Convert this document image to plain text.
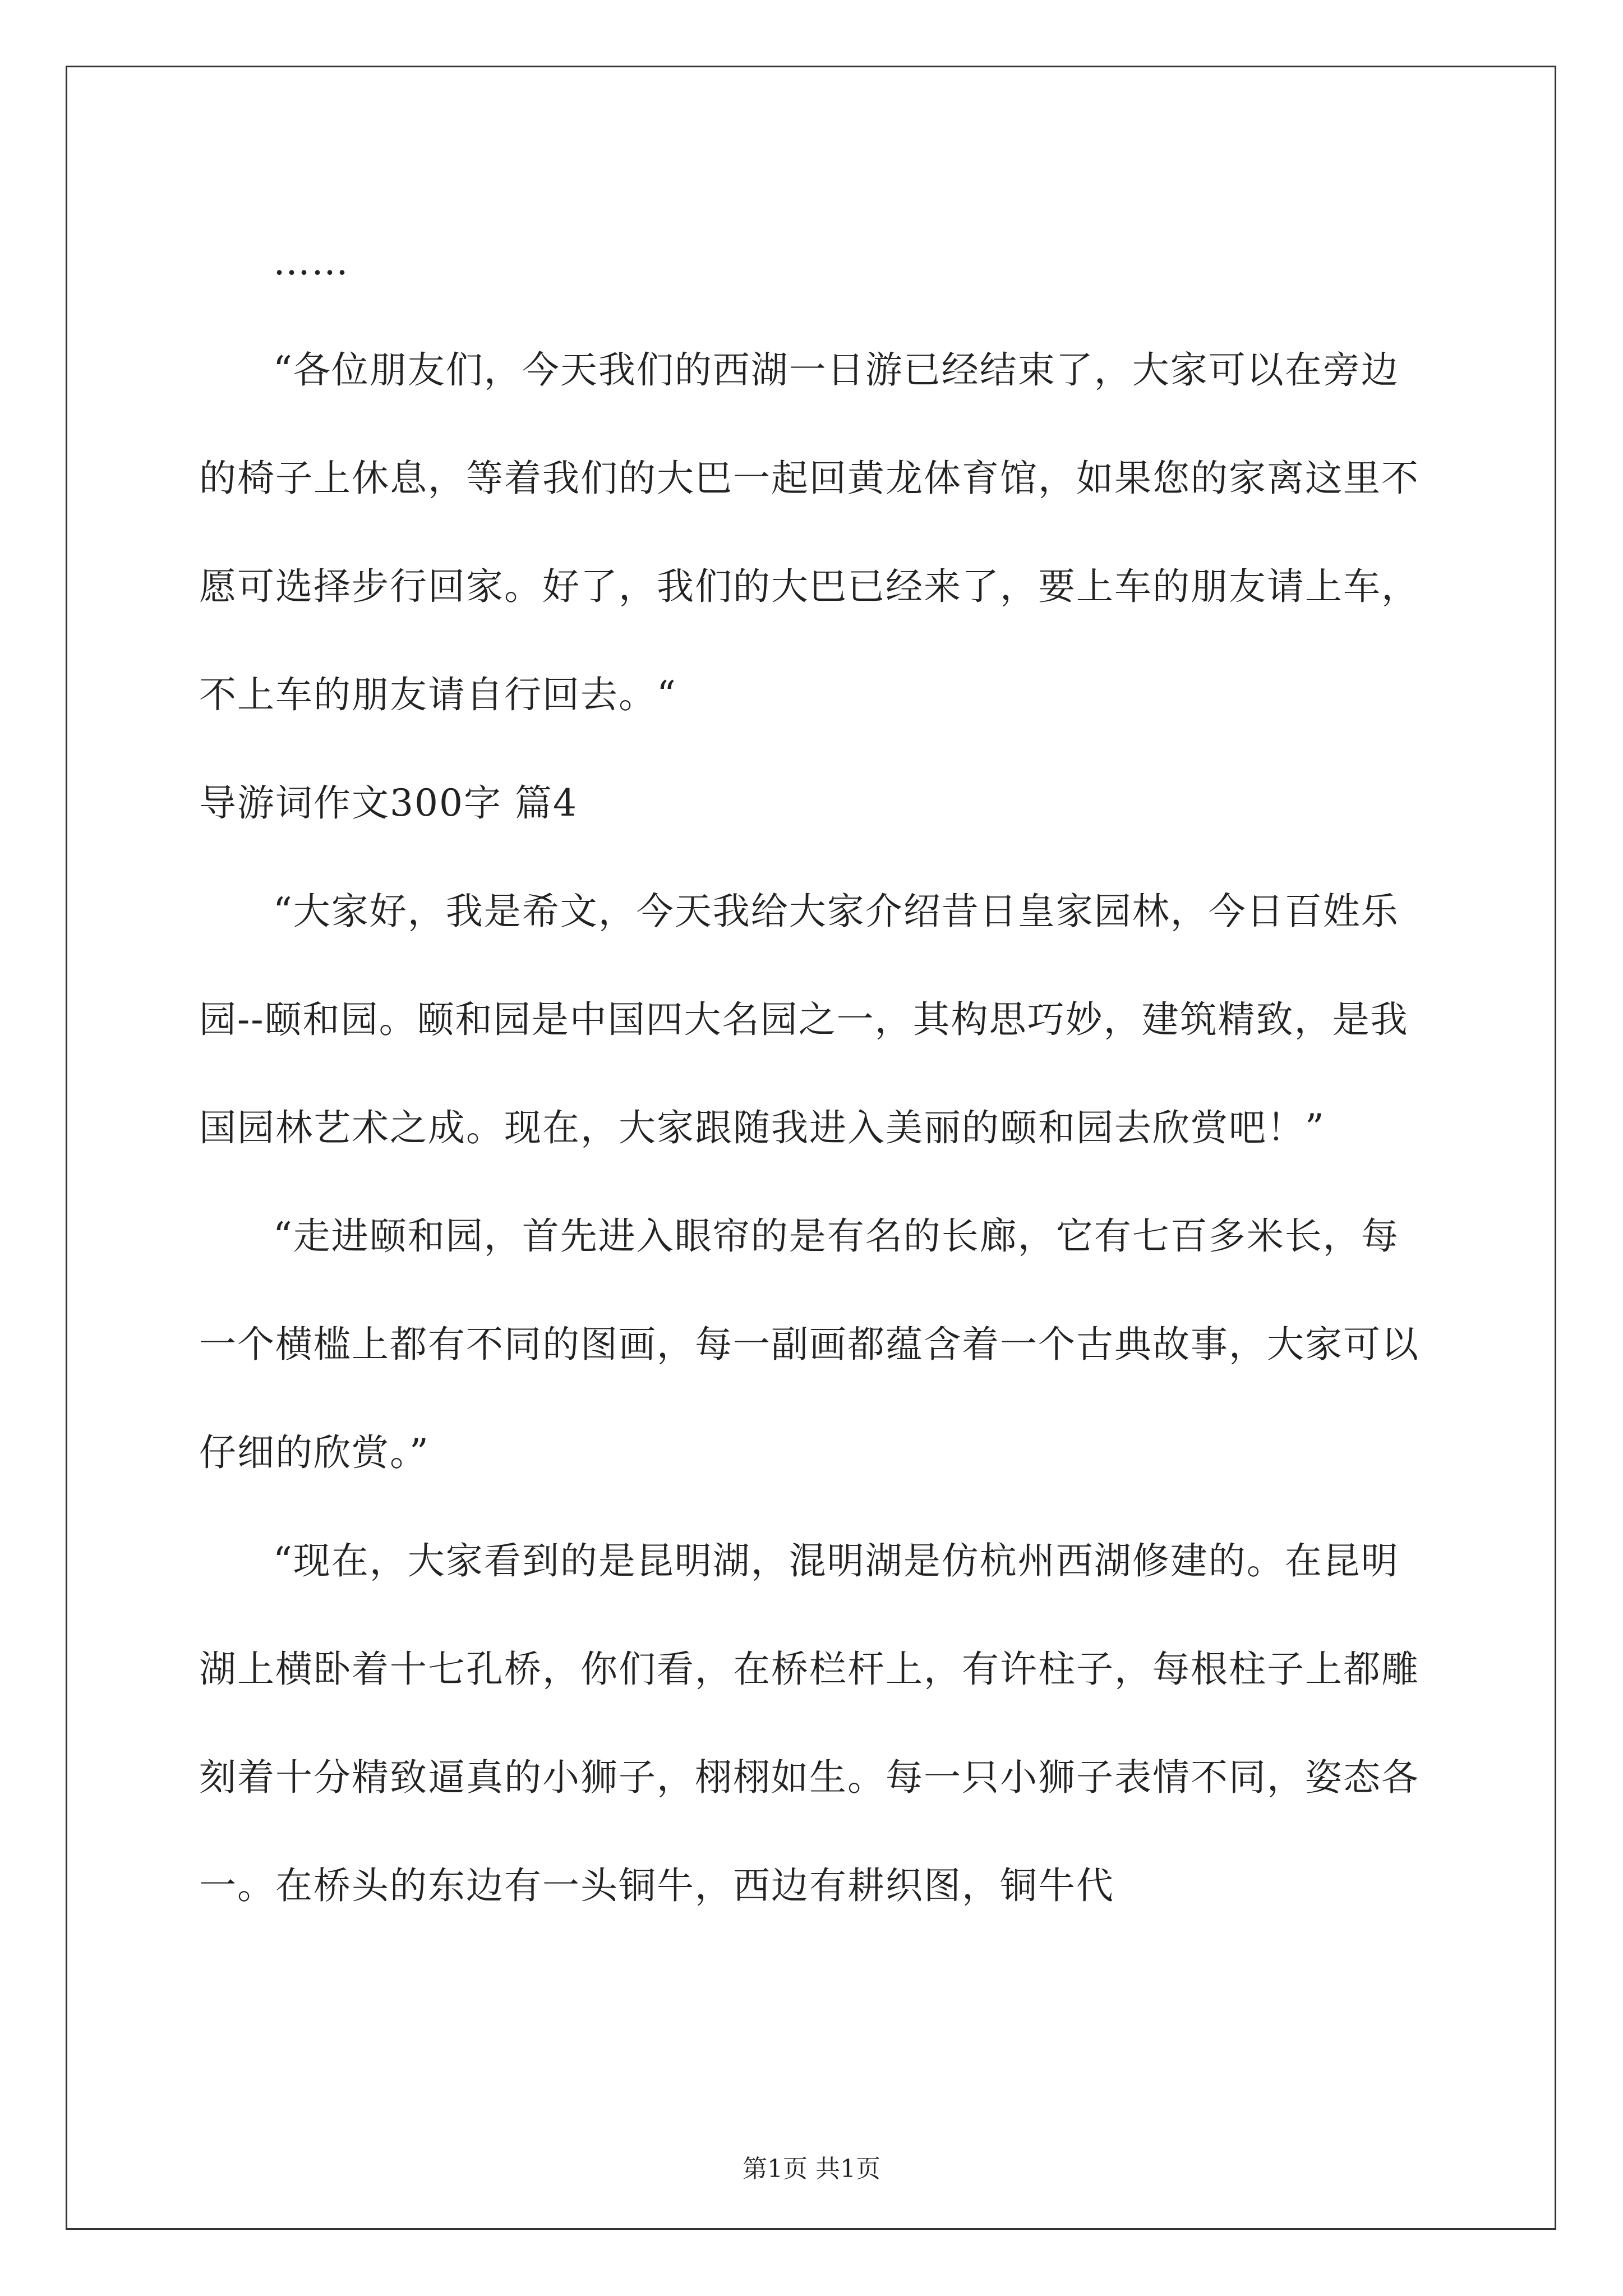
……

“各位朋友们，今天我们的西湖一日游已经结束了，大家可以在旁边的椅子上休息，等着我们的大巴一起回黄龙体育馆，如果您的家离这里不愿可选择步行回家。好了，我们的大巴已经来了，要上车的朋友请上车，不上车的朋友请自行回去。“

导游词作文300字 篇4

“大家好，我是希文，今天我给大家介绍昔日皇家园林，今日百姓乐园--颐和园。颐和园是中国四大名园之一，其构思巧妙，建筑精致，是我国园林艺术之成。现在，大家跟随我进入美丽的颐和园去欣赏吧！”

“走进颐和园，首先进入眼帘的是有名的长廊，它有七百多米长，每一个横槛上都有不同的图画，每一副画都蕴含着一个古典故事，大家可以仔细的欣赏。”

“现在，大家看到的是昆明湖，混明湖是仿杭州西湖修建的。在昆明湖上横卧着十七孔桥，你们看，在桥栏杆上，有许柱子，每根柱子上都雕刻着十分精致逼真的小狮子，栩栩如生。每一只小狮子表情不同，姿态各一。在桥头的东边有一头铜牛，西边有耕织图，铜牛代

第1页 共1页
